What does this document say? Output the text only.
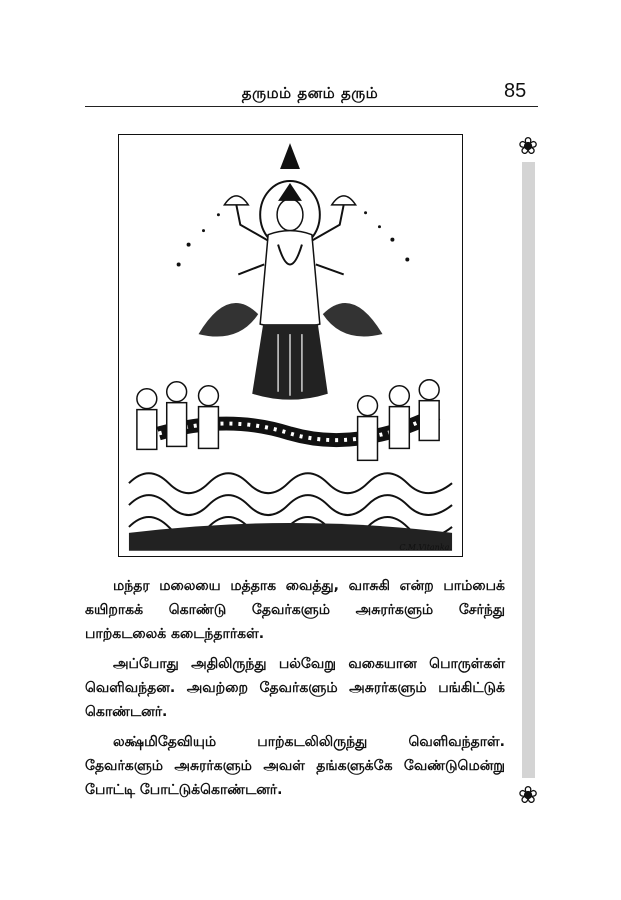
தருமம் தனம் தரும்	85
C.M.Vitanka.
❀
❀
மந்தர மலையை மத்தாக வைத்து, வாசுகி என்ற பாம்பைக் கயிறாகக் கொண்டு தேவர்களும் அசுரர்களும் சேர்ந்து பாற்கடலைக் கடைந்தார்கள்.
அப்போது அதிலிருந்து பல்வேறு வகையான பொருள்கள் வெளிவந்தன. அவற்றை தேவர்களும் அசுரர்களும் பங்கிட்டுக் கொண்டனர்.
லக்ஷ்மிதேவியும் பாற்கடலிலிருந்து வெளிவந்தாள். தேவர்களும் அசுரர்களும் அவள் தங்களுக்கே வேண்டுமென்று போட்டி போட்டுக்கொண்டனர்.
